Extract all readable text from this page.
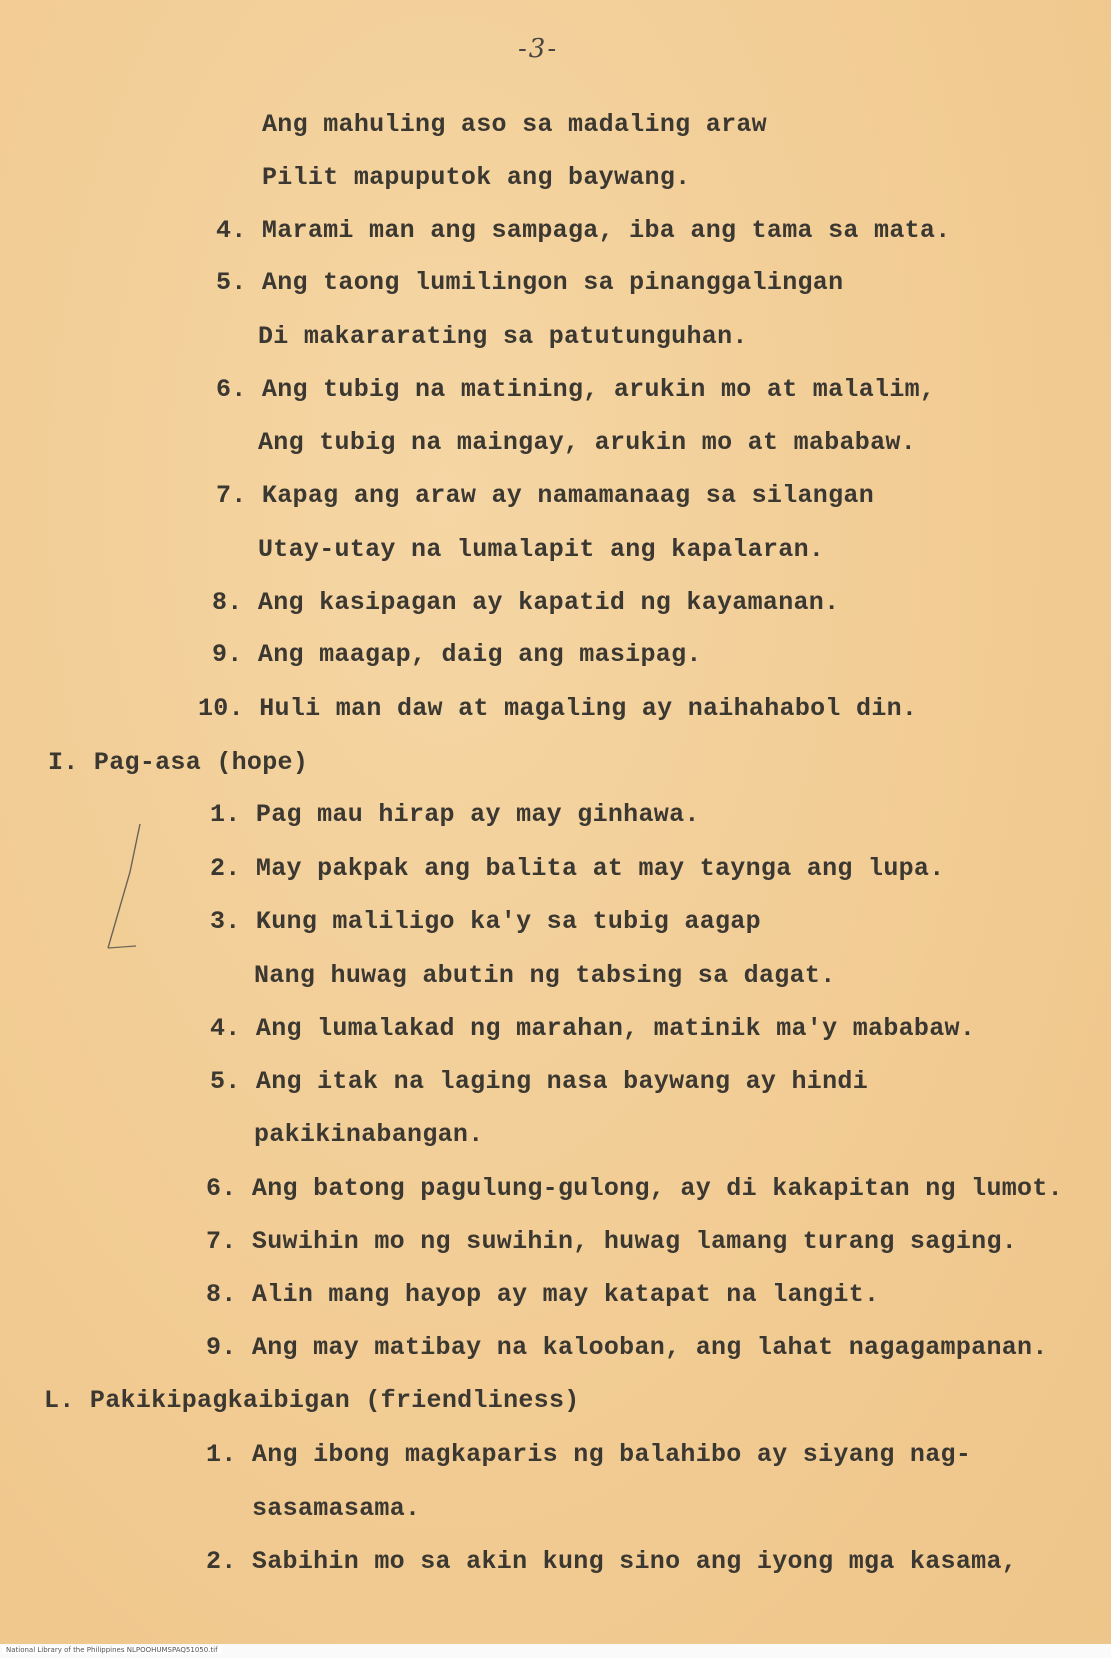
-3-
Ang mahuling aso sa madaling araw
Pilit mapuputok ang baywang.
4. Marami man ang sampaga, iba ang tama sa mata.
5. Ang taong lumilingon sa pinanggalingan
Di makararating sa patutunguhan.
6. Ang tubig na matining, arukin mo at malalim,
Ang tubig na maingay, arukin mo at mababaw.
7. Kapag ang araw ay namamanaag sa silangan
Utay-utay na lumalapit ang kapalaran.
8. Ang kasipagan ay kapatid ng kayamanan.
9. Ang maagap, daig ang masipag.
10. Huli man daw at magaling ay naihahabol din.
I. Pag-asa (hope)
1. Pag mau hirap ay may ginhawa.
2. May pakpak ang balita at may taynga ang lupa.
3. Kung maliligo ka'y sa tubig aagap
Nang huwag abutin ng tabsing sa dagat.
4. Ang lumalakad ng marahan, matinik ma'y mababaw.
5. Ang itak na laging nasa baywang ay hindi
pakikinabangan.
6. Ang batong pagulung-gulong, ay di kakapitan ng lumot.
7. Suwihin mo ng suwihin, huwag lamang turang saging.
8. Alin mang hayop ay may katapat na langit.
9. Ang may matibay na kalooban, ang lahat nagagampanan.
L. Pakikipagkaibigan (friendliness)
1. Ang ibong magkaparis ng balahibo ay siyang nag-
sasamasama.
2. Sabihin mo sa akin kung sino ang iyong mga kasama,
National Library of the Philippines NLPOOHUMSPAQ51050.tif
